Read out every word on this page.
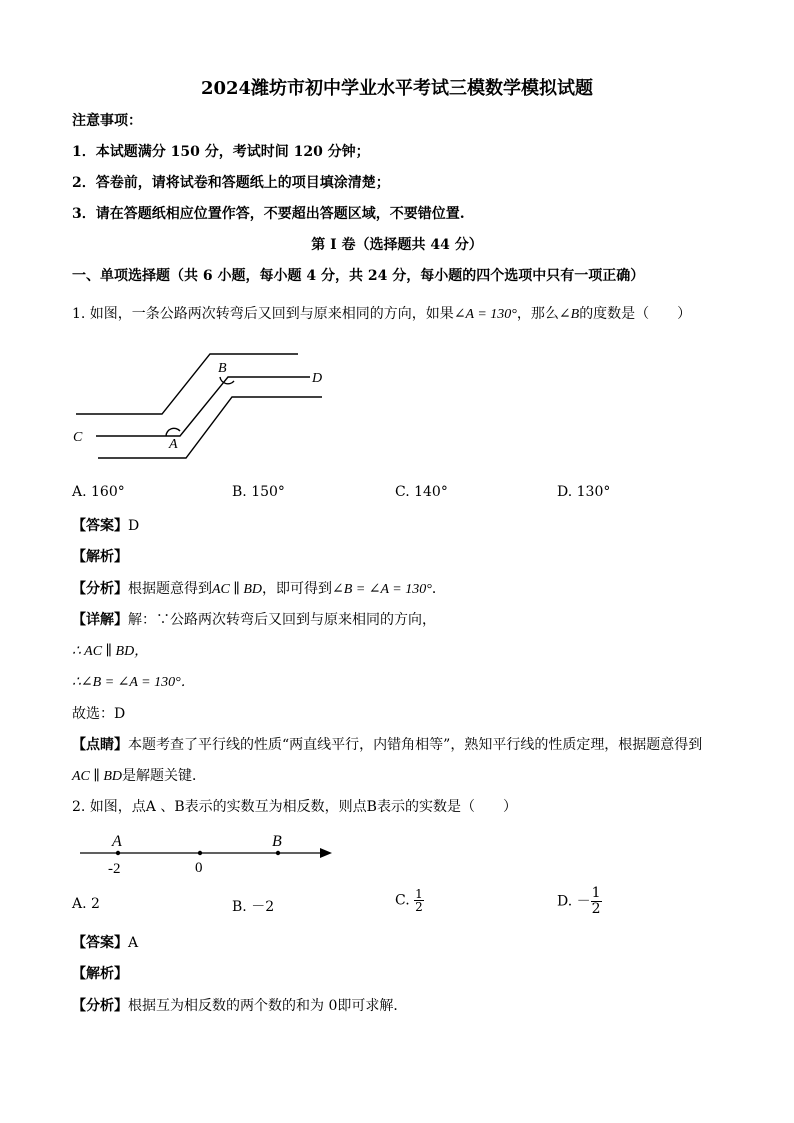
2024潍坊市初中学业水平考试三模数学模拟试题
注意事项：
1．本试题满分 150 分，考试时间 120 分钟；
2．答卷前，请将试卷和答题纸上的项目填涂清楚；
3．请在答题纸相应位置作答，不要超出答题区域，不要错位置.
第 I 卷（选择题共 44 分）
一、单项选择题（共 6 小题，每小题 4 分，共 24 分，每小题的四个选项中只有一项正确）
1. 如图，一条公路两次转弯后又回到与原来相同的方向，如果∠A = 130°，那么∠B的度数是（　　）
B
D
C	A
A. 160°	B. 150°	C. 140°	D. 130°
【答案】D
【解析】
【分析】根据题意得到AC ∥ BD，即可得到∠B = ∠A = 130°．
【详解】解：∵公路两次转弯后又回到与原来相同的方向，
∴ AC ∥ BD，
∴∠B = ∠A = 130°．
故选：D
【点睛】本题考查了平行线的性质“两直线平行，内错角相等”，熟知平行线的性质定理，根据题意得到
AC ∥ BD是解题关键．
2. 如图，点A 、B表示的实数互为相反数，则点B表示的实数是（　　）
A	B
-2	0
A. 2	B. －2	C. $\frac{1}{2}$	D. － $\frac{1}{2}$
【答案】A
【解析】
【分析】根据互为相反数的两个数的和为 0即可求解．
